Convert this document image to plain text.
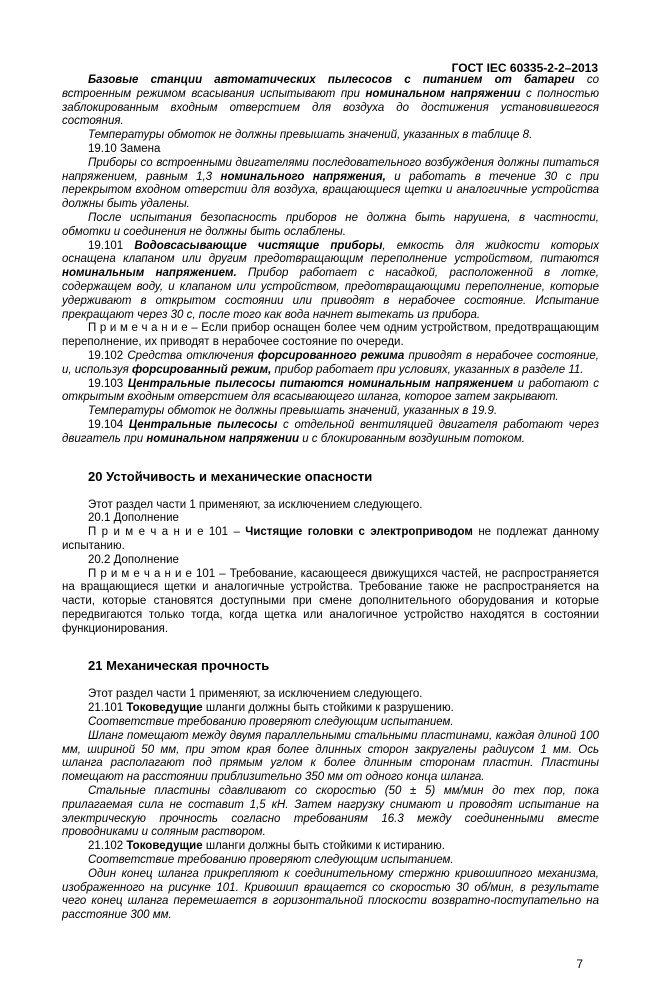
ГОСТ IEC 60335-2-2–2013

Базовые станции автоматических пылесосов с питанием от батареи со встроенным режимом всасывания испытывают при номинальном напряжении с полностью заблокированным входным отверстием для воздуха до достижения установившегося состояния.

Температуры обмоток не должны превышать значений, указанных в таблице 8.

19.10 Замена

Приборы со встроенными двигателями последовательного возбуждения должны питаться напряжением, равным 1,3 номинального напряжения, и работать в течение 30 с при перекрытом входном отверстии для воздуха, вращающиеся щетки и аналогичные устройства должны быть удалены.

После испытания безопасность приборов не должна быть нарушена, в частности, обмотки и соединения не должны быть ослаблены.

19.101 Водовсасывающие чистящие приборы, емкость для жидкости которых оснащена клапаном или другим предотвращающим переполнение устройством, питаются номинальным напряжением. Прибор работает с насадкой, расположенной в лотке, содержащем воду, и клапаном или устройством, предотвращающими переполнение, которые удерживают в открытом состоянии или приводят в нерабочее состояние. Испытание прекращают через 30 с, после того как вода начнет вытекать из прибора.

П р и м е ч а н и е – Если прибор оснащен более чем одним устройством, предотвращающим переполнение, их приводят в нерабочее состояние по очереди.

19.102 Средства отключения форсированного режима приводят в нерабочее состояние, и, используя форсированный режим, прибор работает при условиях, указанных в разделе 11.

19.103 Центральные пылесосы питаются номинальным напряжением и работают с открытым входным отверстием для всасывающего шланга, которое затем закрывают.

Температуры обмоток не должны превышать значений, указанных в 19.9.

19.104 Центральные пылесосы с отдельной вентиляцией двигателя работают через двигатель при номинальном напряжении и с блокированным воздушным потоком.

20 Устойчивость и механические опасности

Этот раздел части 1 применяют, за исключением следующего.

20.1 Дополнение

П р и м е ч а н и е 101 – Чистящие головки с электроприводом не подлежат данному испытанию.

20.2 Дополнение

П р и м е ч а н и е 101 – Требование, касающееся движущихся частей, не распространяется на вращающиеся щетки и аналогичные устройства. Требование также не распространяется на части, которые становятся доступными при смене дополнительного оборудования и которые передвигаются только тогда, когда щетка или аналогичное устройство находятся в состоянии функционирования.

21 Механическая прочность

Этот раздел части 1 применяют, за исключением следующего.

21.101 Токоведущие шланги должны быть стойкими к разрушению.

Соответствие требованию проверяют следующим испытанием.

Шланг помещают между двумя параллельными стальными пластинами, каждая длиной 100 мм, шириной 50 мм, при этом края более длинных сторон закруглены радиусом 1 мм. Ось шланга располагают под прямым углом к более длинным сторонам пластин. Пластины помещают на расстоянии приблизительно 350 мм от одного конца шланга.

Стальные пластины сдавливают со скоростью (50 ± 5) мм/мин до тех пор, пока прилагаемая сила не составит 1,5 кН. Затем нагрузку снимают и проводят испытание на электрическую прочность согласно требованиям 16.3 между соединенными вместе проводниками и соляным раствором.

21.102 Токоведущие шланги должны быть стойкими к истиранию.

Соответствие требованию проверяют следующим испытанием.

Один конец шланга прикрепляют к соединительному стержню кривошипного механизма, изображенного на рисунке 101. Кривошип вращается со скоростью 30 об/мин, в результате чего конец шланга перемешается в горизонтальной плоскости возвратно-поступательно на расстояние 300 мм.

7
